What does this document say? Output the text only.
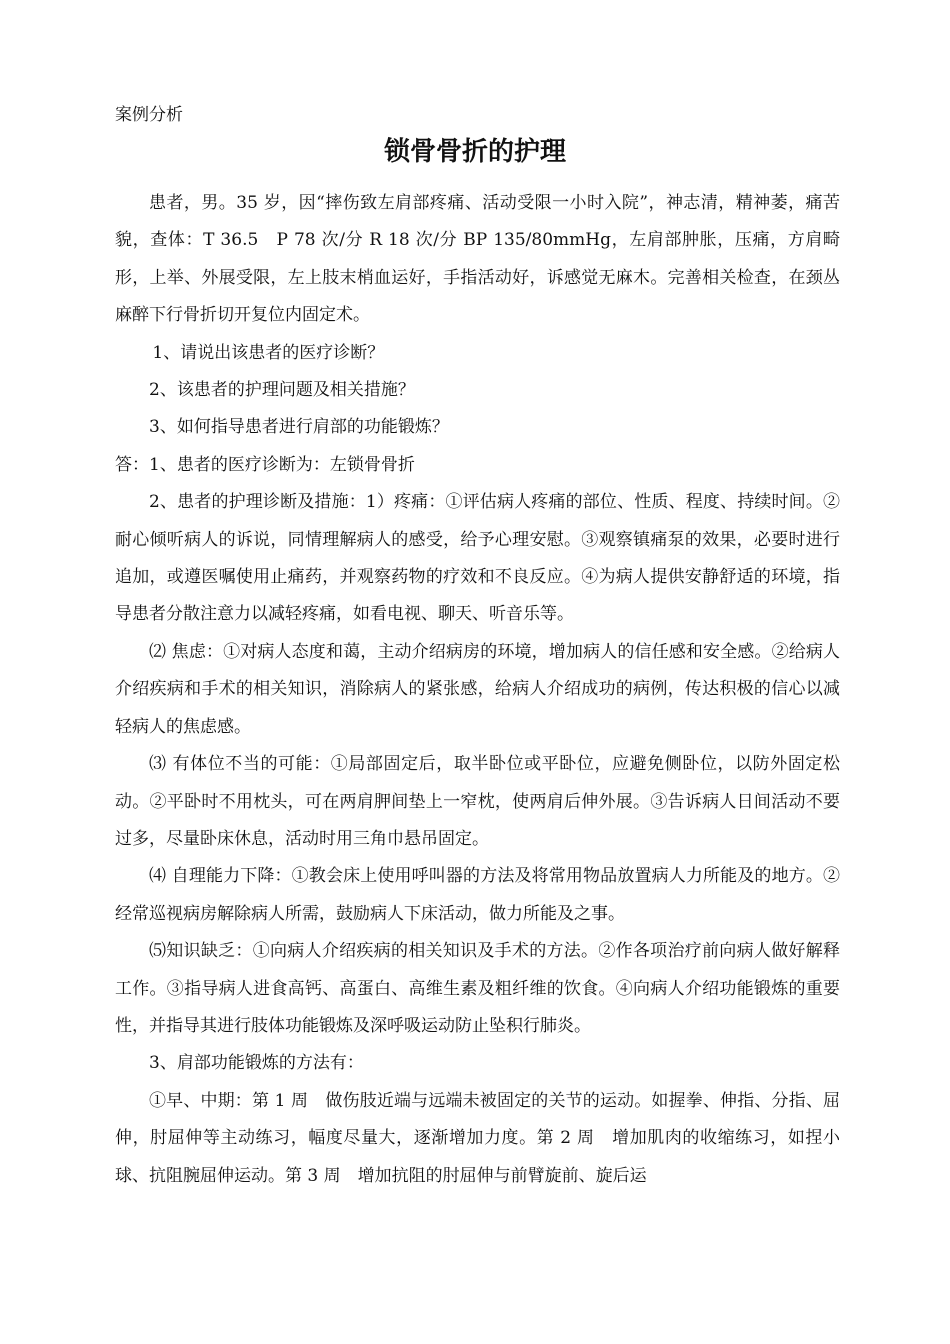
案例分析
锁骨骨折的护理

患者，男。35 岁，因“摔伤致左肩部疼痛、活动受限一小时入院”，神志清，精神萎，痛苦貌，查体：T 36.5　P 78 次/分 R 18 次/分 BP 135/80mmHg，左肩部肿胀，压痛，方肩畸形，上举、外展受限，左上肢末梢血运好，手指活动好，诉感觉无麻木。完善相关检查，在颈丛麻醉下行骨折切开复位内固定术。

1、请说出该患者的医疗诊断？

2、该患者的护理问题及相关措施？

3、如何指导患者进行肩部的功能锻炼？

答：1、患者的医疗诊断为：左锁骨骨折

2、患者的护理诊断及措施：1）疼痛：①评估病人疼痛的部位、性质、程度、持续时间。②耐心倾听病人的诉说，同情理解病人的感受，给予心理安慰。③观察镇痛泵的效果，必要时进行追加，或遵医嘱使用止痛药，并观察药物的疗效和不良反应。④为病人提供安静舒适的环境，指导患者分散注意力以减轻疼痛，如看电视、聊天、听音乐等。

⑵ 焦虑：①对病人态度和蔼，主动介绍病房的环境，增加病人的信任感和安全感。②给病人介绍疾病和手术的相关知识，消除病人的紧张感，给病人介绍成功的病例，传达积极的信心以减轻病人的焦虑感。

⑶ 有体位不当的可能：①局部固定后，取半卧位或平卧位，应避免侧卧位，以防外固定松动。②平卧时不用枕头，可在两肩胛间垫上一窄枕，使两肩后伸外展。③告诉病人日间活动不要过多，尽量卧床休息，活动时用三角巾悬吊固定。

⑷ 自理能力下降：①教会床上使用呼叫器的方法及将常用物品放置病人力所能及的地方。②经常巡视病房解除病人所需，鼓励病人下床活动，做力所能及之事。

⑸知识缺乏：①向病人介绍疾病的相关知识及手术的方法。②作各项治疗前向病人做好解释工作。③指导病人进食高钙、高蛋白、高维生素及粗纤维的饮食。④向病人介绍功能锻炼的重要性，并指导其进行肢体功能锻炼及深呼吸运动防止坠积行肺炎。

3、肩部功能锻炼的方法有：

①早、中期：第 1 周　做伤肢近端与远端未被固定的关节的运动。如握拳、伸指、分指、屈伸，肘屈伸等主动练习，幅度尽量大，逐渐增加力度。第 2 周　增加肌肉的收缩练习，如捏小球、抗阻腕屈伸运动。第 3 周　增加抗阻的肘屈伸与前臂旋前、旋后运
